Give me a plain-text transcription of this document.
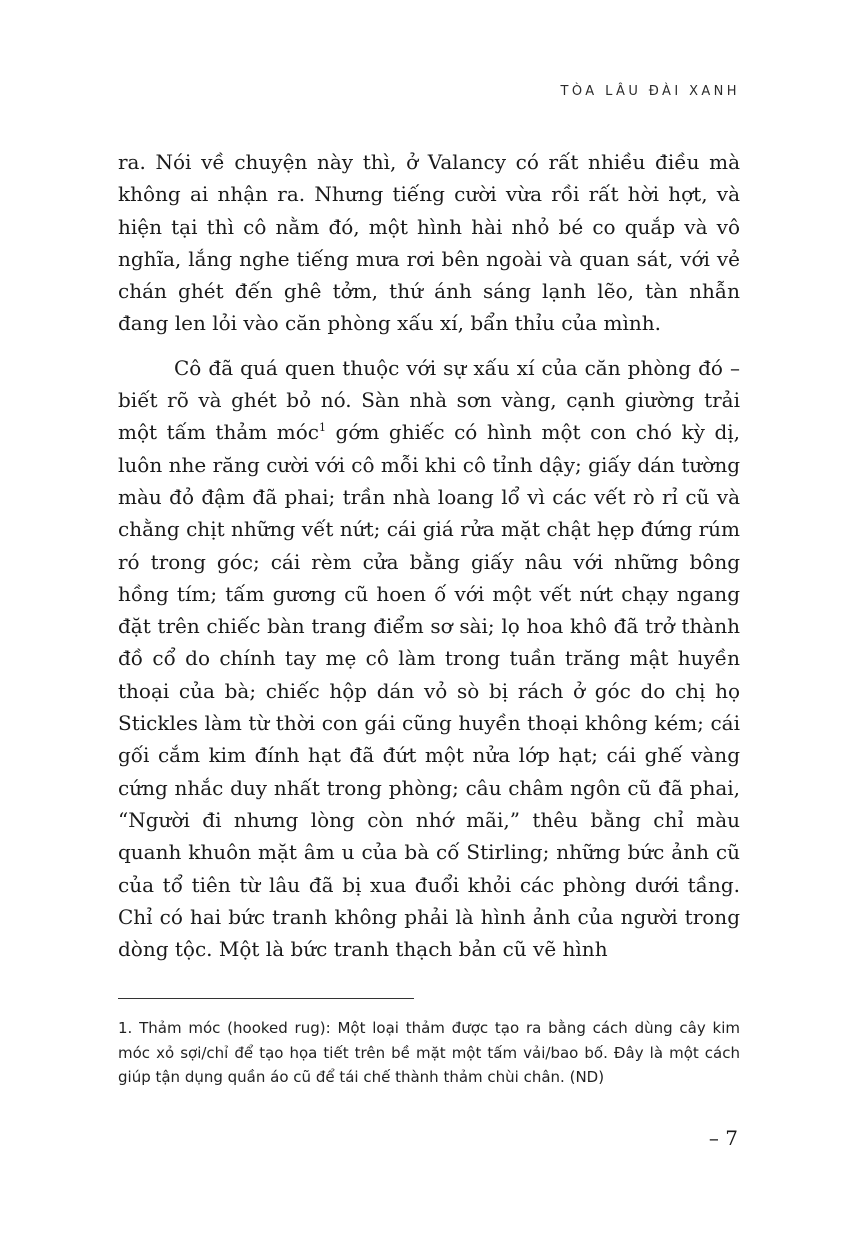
TÒA LÂU ĐÀI XANH

ra. Nói về chuyện này thì, ở Valancy có rất nhiều điều mà không ai nhận ra. Nhưng tiếng cười vừa rồi rất hời hợt, và hiện tại thì cô nằm đó, một hình hài nhỏ bé co quắp và vô nghĩa, lắng nghe tiếng mưa rơi bên ngoài và quan sát, với vẻ chán ghét đến ghê tởm, thứ ánh sáng lạnh lẽo, tàn nhẫn đang len lỏi vào căn phòng xấu xí, bẩn thỉu của mình.

Cô đã quá quen thuộc với sự xấu xí của căn phòng đó – biết rõ và ghét bỏ nó. Sàn nhà sơn vàng, cạnh giường trải một tấm thảm móc$^1$ gớm ghiếc có hình một con chó kỳ dị, luôn nhe răng cười với cô mỗi khi cô tỉnh dậy; giấy dán tường màu đỏ đậm đã phai; trần nhà loang lổ vì các vết rò rỉ cũ và chằng chịt những vết nứt; cái giá rửa mặt chật hẹp đứng rúm ró trong góc; cái rèm cửa bằng giấy nâu với những bông hồng tím; tấm gương cũ hoen ố với một vết nứt chạy ngang đặt trên chiếc bàn trang điểm sơ sài; lọ hoa khô đã trở thành đồ cổ do chính tay mẹ cô làm trong tuần trăng mật huyền thoại của bà; chiếc hộp dán vỏ sò bị rách ở góc do chị họ Stickles làm từ thời con gái cũng huyền thoại không kém; cái gối cắm kim đính hạt đã đứt một nửa lớp hạt; cái ghế vàng cứng nhắc duy nhất trong phòng; câu châm ngôn cũ đã phai, “Người đi nhưng lòng còn nhớ mãi,” thêu bằng chỉ màu quanh khuôn mặt âm u của bà cố Stirling; những bức ảnh cũ của tổ tiên từ lâu đã bị xua đuổi khỏi các phòng dưới tầng. Chỉ có hai bức tranh không phải là hình ảnh của người trong dòng tộc. Một là bức tranh thạch bản cũ vẽ hình

1. Thảm móc (hooked rug): Một loại thảm được tạo ra bằng cách dùng cây kim móc xỏ sợi/chỉ để tạo họa tiết trên bề mặt một tấm vải/bao bố. Đây là một cách giúp tận dụng quần áo cũ để tái chế thành thảm chùi chân. (ND)

– 7
